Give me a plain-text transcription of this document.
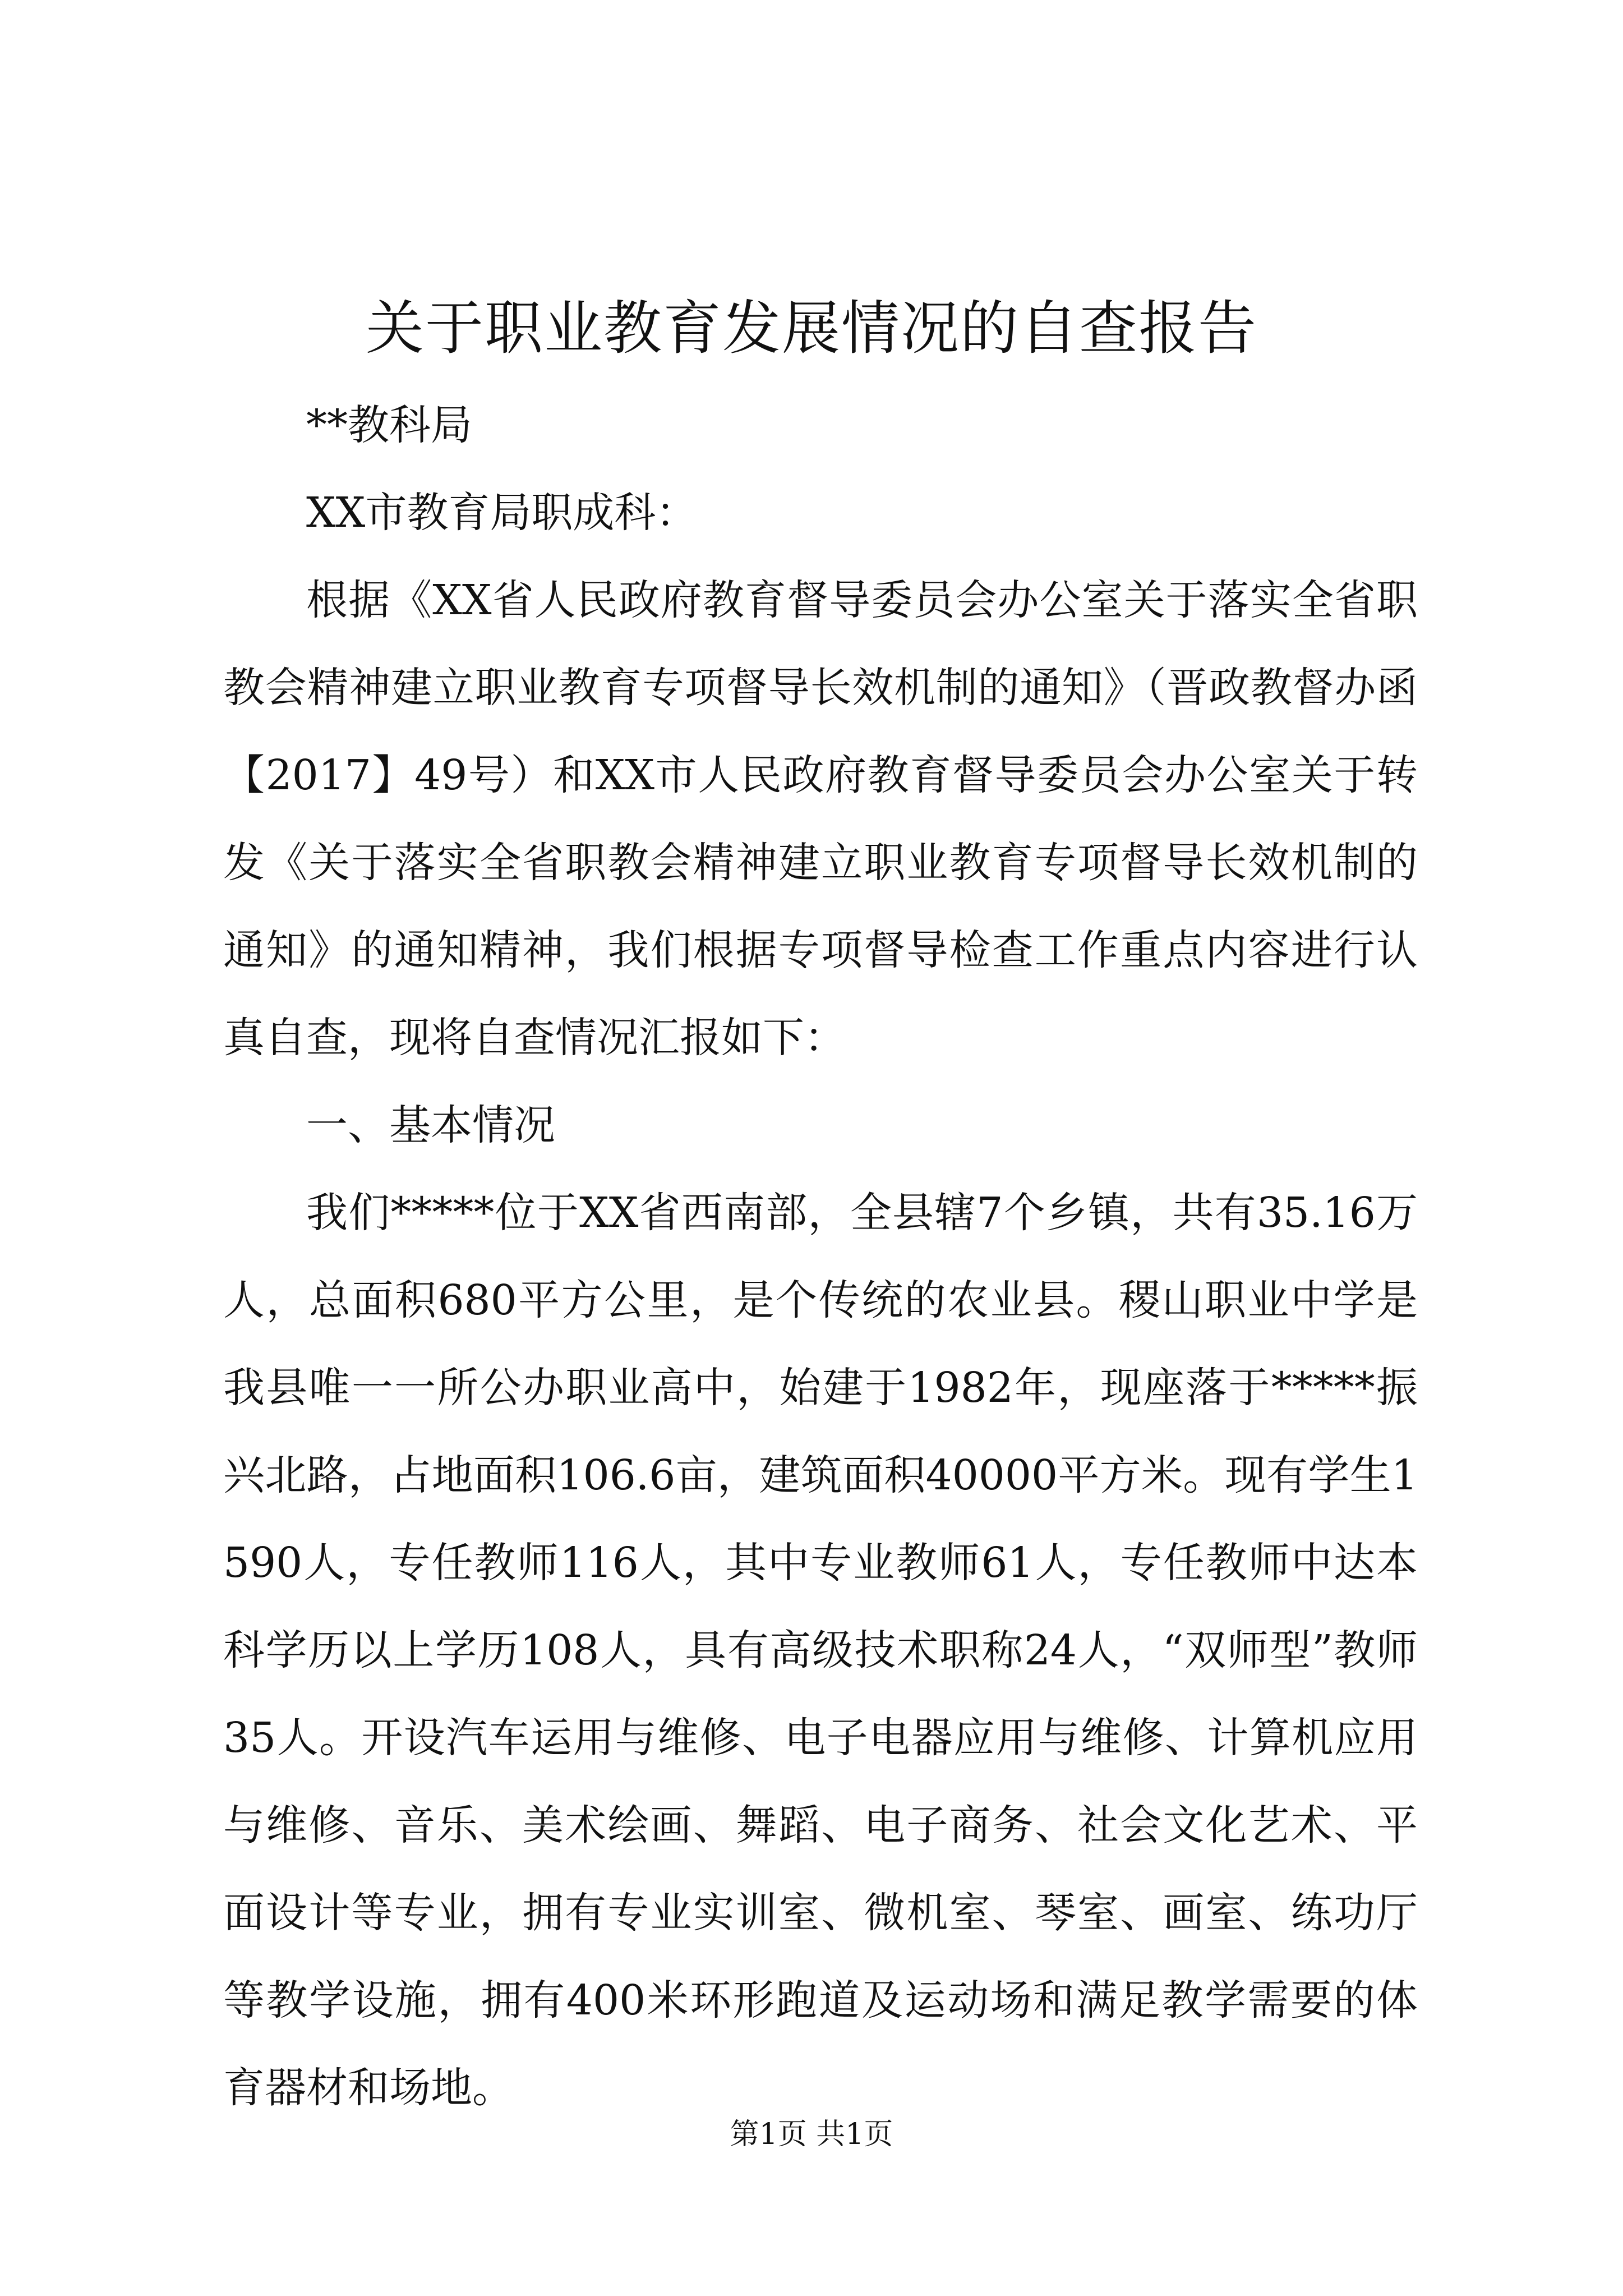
关于职业教育发展情况的自查报告

**教科局

XX市教育局职成科：

根据《XX省人民政府教育督导委员会办公室关于落实全省职教会精神建立职业教育专项督导长效机制的通知》（晋政教督办函【2017】49号）和XX市人民政府教育督导委员会办公室关于转发《关于落实全省职教会精神建立职业教育专项督导长效机制的通知》的通知精神，我们根据专项督导检查工作重点内容进行认真自查，现将自查情况汇报如下：

一、基本情况

我们*****位于XX省西南部，全县辖7个乡镇，共有35.16万人，总面积680平方公里，是个传统的农业县。稷山职业中学是我县唯一一所公办职业高中，始建于1982年，现座落于*****振兴北路，占地面积106.6亩，建筑面积40000平方米。现有学生1590人，专任教师116人，其中专业教师61人，专任教师中达本科学历以上学历108人，具有高级技术职称24人，“双师型”教师35人。开设汽车运用与维修、电子电器应用与维修、计算机应用与维修、音乐、美术绘画、舞蹈、电子商务、社会文化艺术、平面设计等专业，拥有专业实训室、微机室、琴室、画室、练功厅等教学设施，拥有400米环形跑道及运动场和满足教学需要的体育器材和场地。

第1页 共1页
